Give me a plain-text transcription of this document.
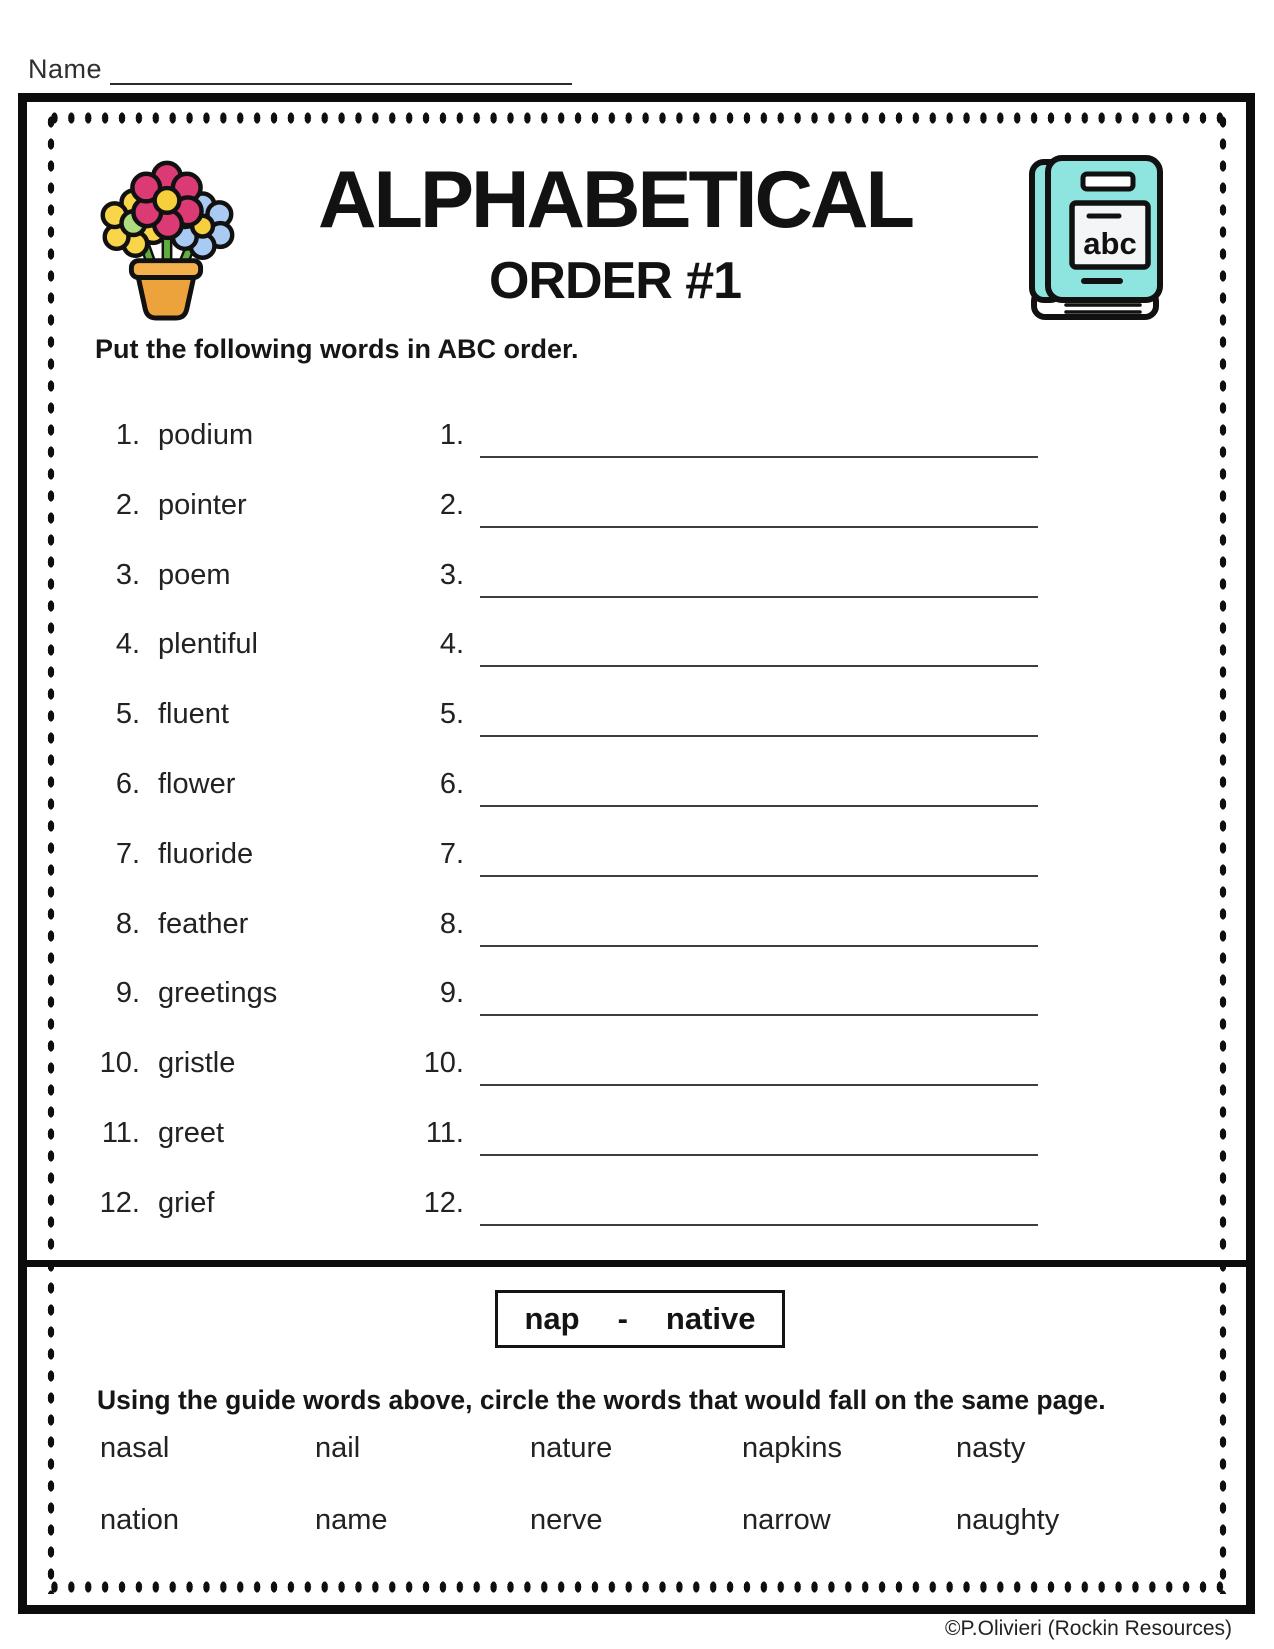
Name
ALPHABETICAL
ORDER #1
abc
Put the following words in ABC order.
1. podium	1.
2. pointer	2.
3. poem	3.
4. plentiful	4.
5. fluent	5.
6. flower	6.
7. fluoride	7.
8. feather	8.
9. greetings	9.
10. gristle	10.
11. greet	11.
12. grief	12.
nap - native
Using the guide words above, circle the words that would fall on the same page.
nasal	nail	nature	napkins	nasty
nation	name	nerve	narrow	naughty
©P.Olivieri (Rockin Resources)
